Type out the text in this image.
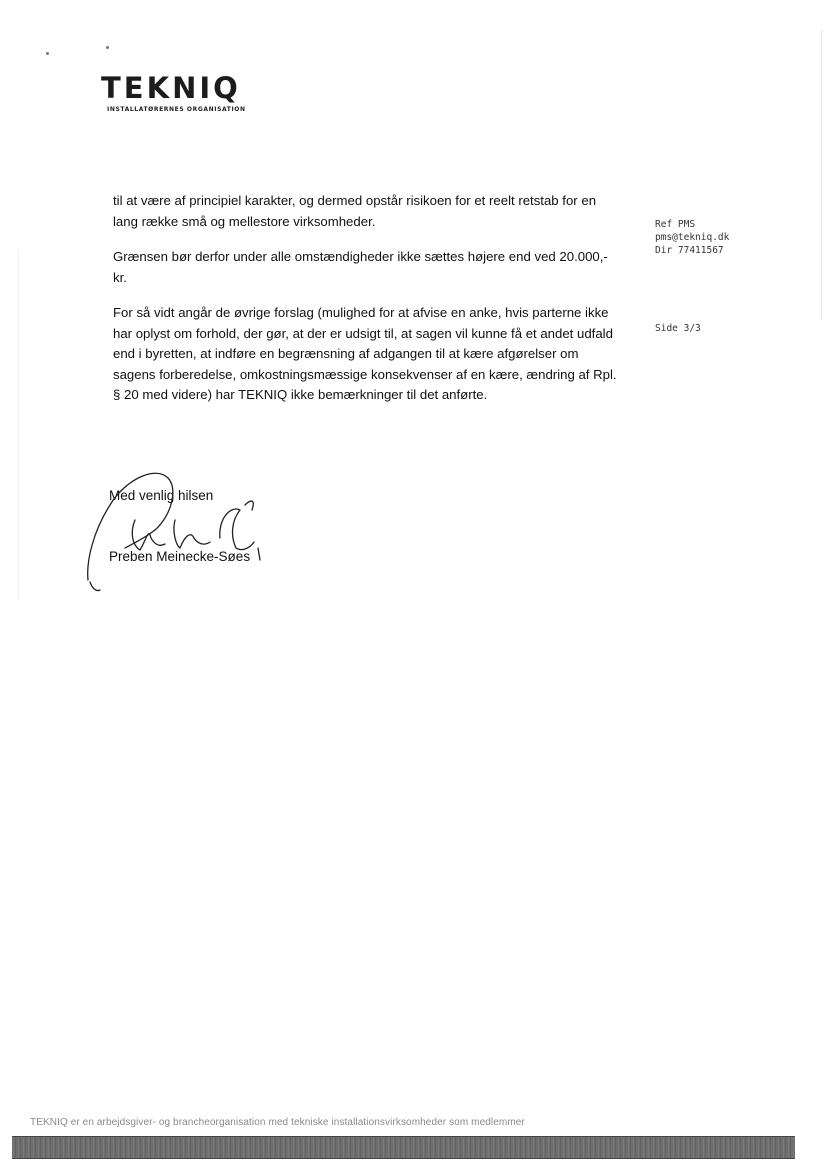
TEKNIQ
INSTALLATØRERNES ORGANISATION
Ref PMS
pms@tekniq.dk
Dir 77411567
Side 3/3

til at være af principiel karakter, og dermed opstår risikoen for et reelt retstab for en lang række små og mellestore virksomheder.

Grænsen bør derfor under alle omstændigheder ikke sættes højere end ved 20.000,- kr.

For så vidt angår de øvrige forslag (mulighed for at afvise en anke, hvis parterne ikke har oplyst om forhold, der gør, at der er udsigt til, at sagen vil kunne få et andet udfald end i byretten, at indføre en begrænsning af adgangen til at kære afgørelser om sagens forberedelse, omkostningsmæssige konsekvenser af en kære, ændring af Rpl. § 20 med videre) har TEKNIQ ikke bemærkninger til det anførte.

Med venlig hilsen
Preben Meinecke-Søes
TEKNIQ er en arbejdsgiver- og brancheorganisation med tekniske installationsvirksomheder som medlemmer
